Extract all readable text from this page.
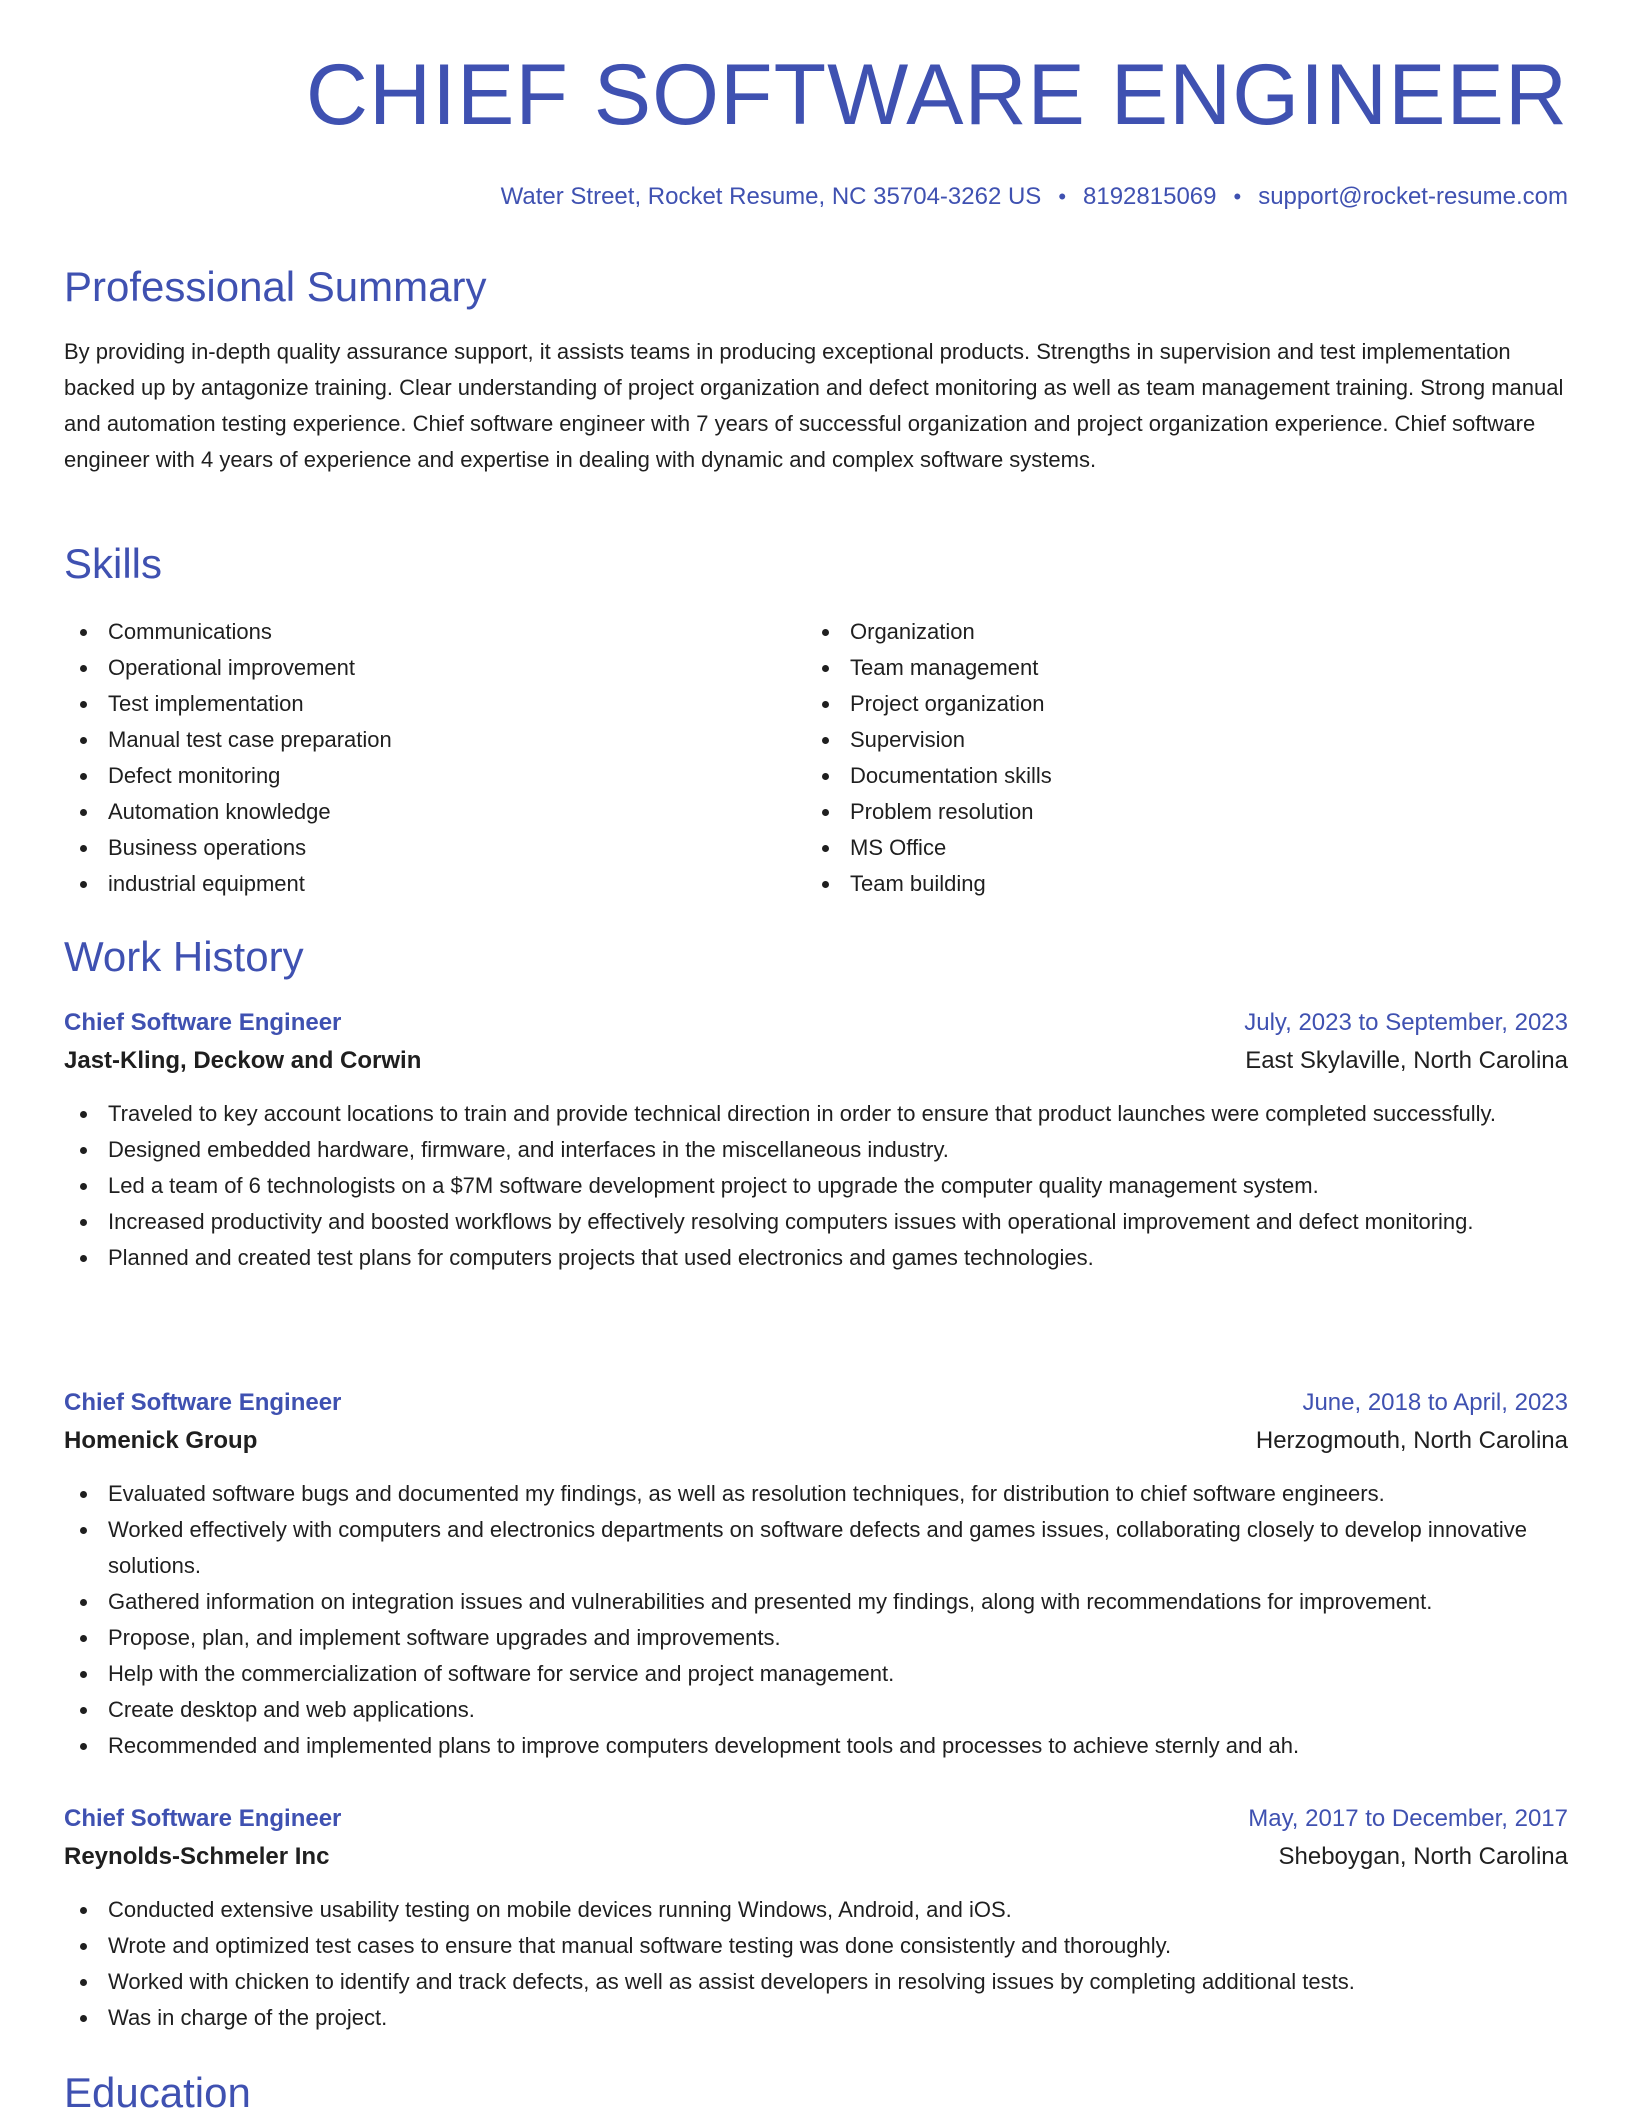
CHIEF SOFTWARE ENGINEER
Water Street, Rocket Resume, NC 35704-3262 US • 8192815069 • support@rocket-resume.com
Professional Summary

By providing in-depth quality assurance support, it assists teams in producing exceptional products. Strengths in supervision and test implementation backed up by antagonize training. Clear understanding of project organization and defect monitoring as well as team management training. Strong manual and automation testing experience. Chief software engineer with 7 years of successful organization and project organization experience. Chief software engineer with 4 years of experience and expertise in dealing with dynamic and complex software systems.

Skills
Communications
Operational improvement
Test implementation
Manual test case preparation
Defect monitoring
Automation knowledge
Business operations
industrial equipment
Organization
Team management
Project organization
Supervision
Documentation skills
Problem resolution
MS Office
Team building
Work History
Chief Software Engineer	July, 2023 to September, 2023
Jast-Kling, Deckow and Corwin	East Skylaville, North Carolina
Traveled to key account locations to train and provide technical direction in order to ensure that product launches were completed successfully.
Designed embedded hardware, firmware, and interfaces in the miscellaneous industry.
Led a team of 6 technologists on a $7M software development project to upgrade the computer quality management system.
Increased productivity and boosted workflows by effectively resolving computers issues with operational improvement and defect monitoring.
Planned and created test plans for computers projects that used electronics and games technologies.
Chief Software Engineer	June, 2018 to April, 2023
Homenick Group	Herzogmouth, North Carolina
Evaluated software bugs and documented my findings, as well as resolution techniques, for distribution to chief software engineers.
Worked effectively with computers and electronics departments on software defects and games issues, collaborating closely to develop innovative solutions.
Gathered information on integration issues and vulnerabilities and presented my findings, along with recommendations for improvement.
Propose, plan, and implement software upgrades and improvements.
Help with the commercialization of software for service and project management.
Create desktop and web applications.
Recommended and implemented plans to improve computers development tools and processes to achieve sternly and ah.
Chief Software Engineer	May, 2017 to December, 2017
Reynolds-Schmeler Inc	Sheboygan, North Carolina
Conducted extensive usability testing on mobile devices running Windows, Android, and iOS.
Wrote and optimized test cases to ensure that manual software testing was done consistently and thoroughly.
Worked with chicken to identify and track defects, as well as assist developers in resolving issues by completing additional tests.
Was in charge of the project.
Education
